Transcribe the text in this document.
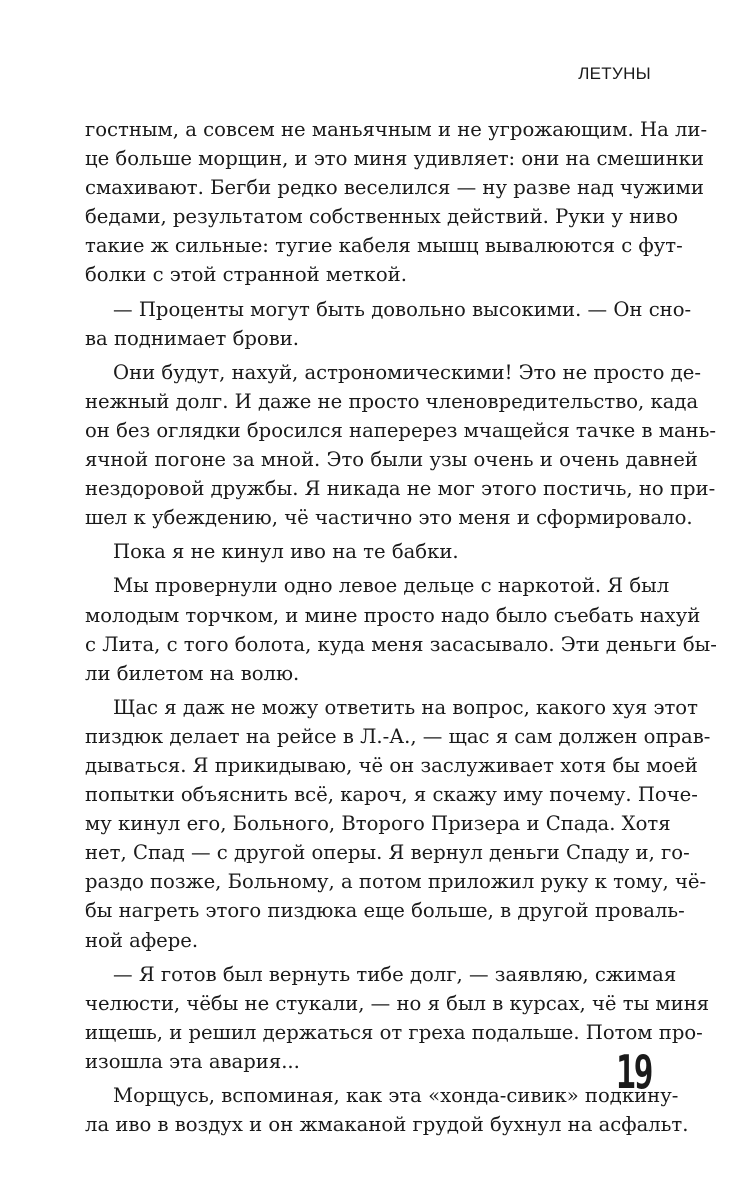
ЛЕТУНЫ
гостным, а совсем не маньячным и не угрожающим. На ли-
це больше морщин, и это миня удивляет: они на смешинки
смахивают. Бегби редко веселился — ну разве над чужими
бедами, результатом собственных действий. Руки у ниво
такие ж сильные: тугие кабеля мышц вывалюются с фут-
болки с этой странной меткой.
— Проценты могут быть довольно высокими. — Он сно-
ва поднимает брови.
Они будут, нахуй, астрономическими! Это не просто де-
нежный долг. И даже не просто членовредительство, када
он без оглядки бросился наперерез мчащейся тачке в мань-
ячной погоне за мной. Это были узы очень и очень давней
нездоровой дружбы. Я никада не мог этого постичь, но при-
шел к убеждению, чё частично это меня и сформировало.
Пока я не кинул иво на те бабки.
Мы провернули одно левое дельце с наркотой. Я был
молодым торчком, и мине просто надо было съебать нахуй
с Лита, с того болота, куда меня засасывало. Эти деньги бы-
ли билетом на волю.
Щас я даж не можу ответить на вопрос, какого хуя этот
пиздюк делает на рейсе в Л.-А., — щас я сам должен оправ-
дываться. Я прикидываю, чё он заслуживает хотя бы моей
попытки объяснить всё, кароч, я скажу иму почему. Поче-
му кинул его, Больного, Второго Призера и Спада. Хотя
нет, Спад — с другой оперы. Я вернул деньги Спаду и, го-
раздо позже, Больному, а потом приложил руку к тому, чё-
бы нагреть этого пиздюка еще больше, в другой проваль-
ной афере.
— Я готов был вернуть тибе долг, — заявляю, сжимая
челюсти, чёбы не стукали, — но я был в курсах, чё ты миня
ищешь, и решил держаться от греха подальше. Потом про-
изошла эта авария...
Морщусь, вспоминая, как эта «хонда-сивик» подкину-
ла иво в воздух и он жмаканой грудой бухнул на асфальт.
19
